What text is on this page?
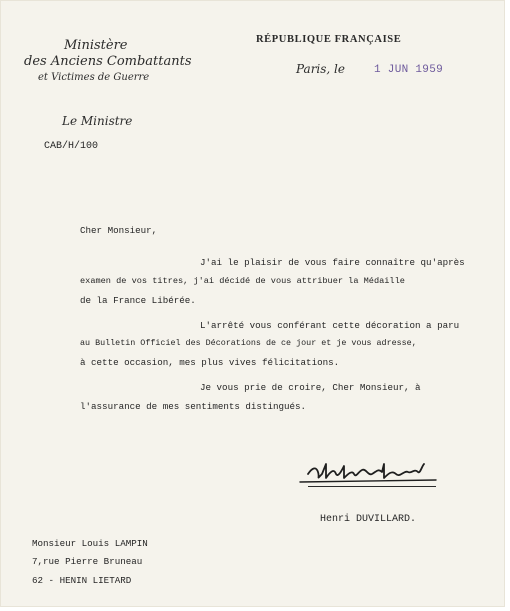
Ministère
des Anciens Combattants
et Victimes de Guerre
Le Ministre
CAB/H/100
RÉPUBLIQUE FRANÇAISE
Paris, le	1 JUN 1959
Cher Monsieur,
J'ai le plaisir de vous faire connaître qu'après
examen de vos titres, j'ai décidé de vous attribuer la Médaille
de la France Libérée.
L'arrêté vous conférant cette décoration a paru
au Bulletin Officiel des Décorations de ce jour et je vous adresse,
à cette occasion, mes plus vives félicitations.
Je vous prie de croire, Cher Monsieur, à
l'assurance de mes sentiments distingués.
Henri DUVILLARD.
Monsieur Louis LAMPIN
7,rue Pierre Bruneau
62 - HENIN LIETARD
